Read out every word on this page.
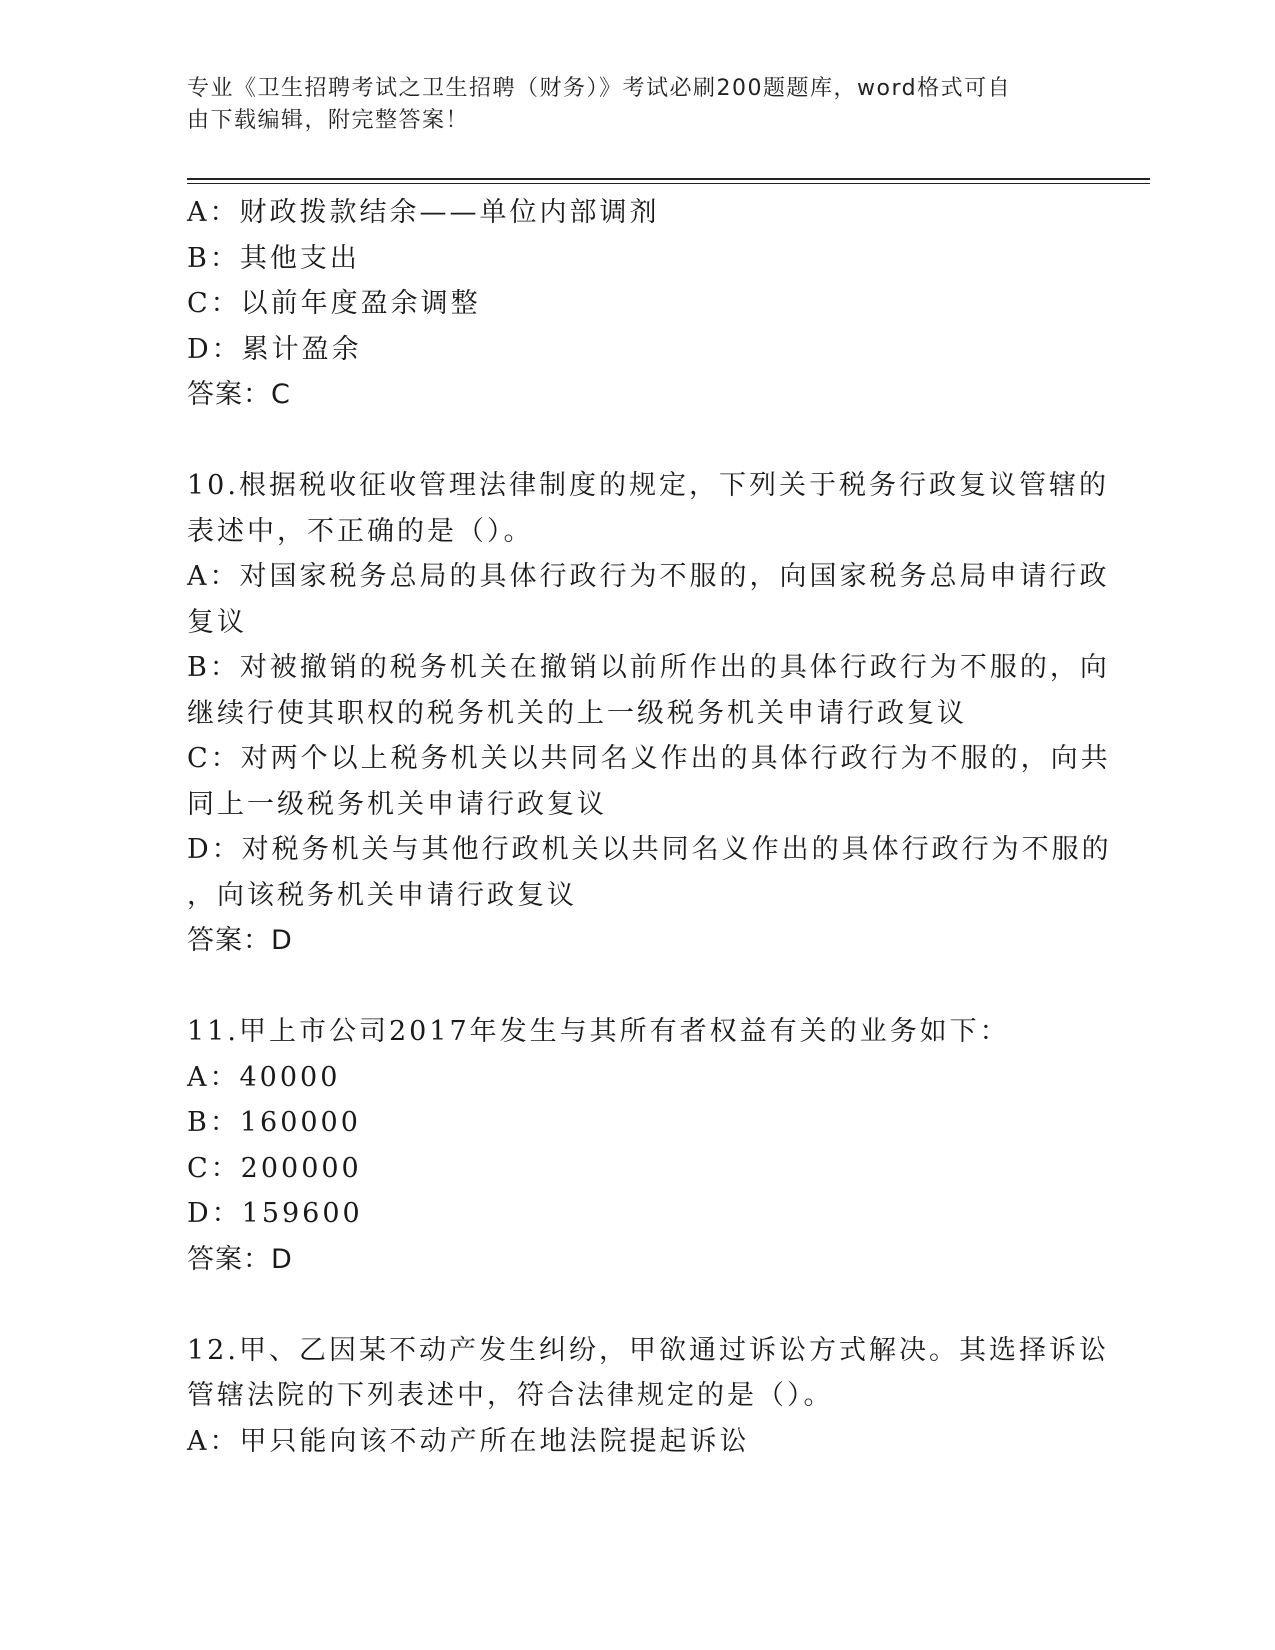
专业《卫生招聘考试之卫生招聘（财务）》考试必刷200题题库，word格式可自
由下载编辑，附完整答案！
A：财政拨款结余——单位内部调剂
B：其他支出
C：以前年度盈余调整
D：累计盈余
答案：C
10.根据税收征收管理法律制度的规定，下列关于税务行政复议管辖的
表述中，不正确的是（）。
A：对国家税务总局的具体行政行为不服的，向国家税务总局申请行政
复议
B：对被撤销的税务机关在撤销以前所作出的具体行政行为不服的，向
继续行使其职权的税务机关的上一级税务机关申请行政复议
C：对两个以上税务机关以共同名义作出的具体行政行为不服的，向共
同上一级税务机关申请行政复议
D：对税务机关与其他行政机关以共同名义作出的具体行政行为不服的
，向该税务机关申请行政复议
答案：D
11.甲上市公司2017年发生与其所有者权益有关的业务如下：
A：40000
B：160000
C：200000
D：159600
答案：D
12.甲、乙因某不动产发生纠纷，甲欲通过诉讼方式解决。其选择诉讼
管辖法院的下列表述中，符合法律规定的是（）。
A：甲只能向该不动产所在地法院提起诉讼
